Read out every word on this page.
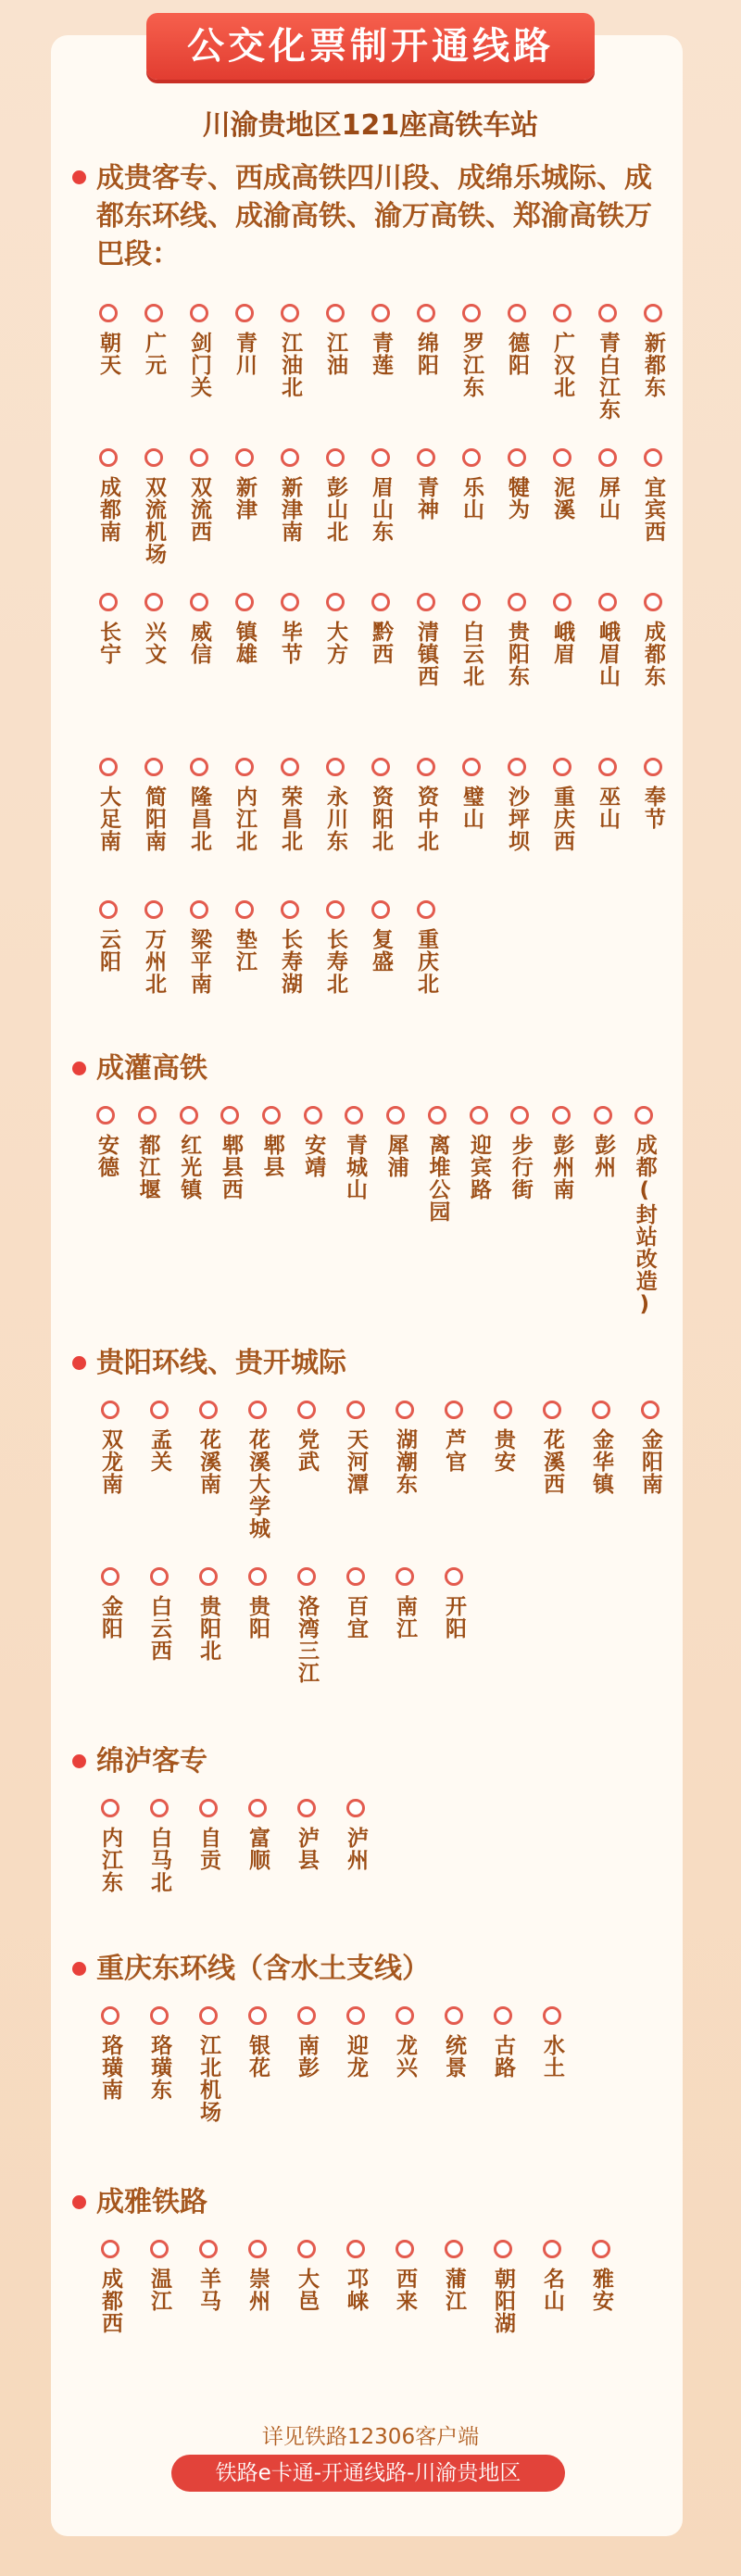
公交化票制开通线路
川渝贵地区121座高铁车站
成贵客专、西成高铁四川段、成绵乐城际、成都东环线、成渝高铁、渝万高铁、郑渝高铁万巴段：
朝天 广元 剑门关 青川 江油北 江油 青莲 绵阳 罗江东 德阳 广汉北 青白江东 新都东
成都南 双流机场 双流西 新津 新津南 彭山北 眉山东 青神 乐山 犍为 泥溪 屏山 宜宾西
长宁 兴文 威信 镇雄 毕节 大方 黔西 清镇西 白云北 贵阳东 峨眉 峨眉山 成都东
大足南 简阳南 隆昌北 内江北 荣昌北 永川东 资阳北 资中北 璧山 沙坪坝 重庆西 巫山 奉节
云阳 万州北 梁平南 垫江 长寿湖 长寿北 复盛 重庆北
成灌高铁
安德 都江堰 红光镇 郫县西 郫县 安靖 青城山 犀浦 离堆公园 迎宾路 步行街 彭州南 彭州 成都(封站改造)
贵阳环线、贵开城际
双龙南 孟关 花溪南 花溪大学城 党武 天河潭 湖潮东 芦官 贵安 花溪西 金华镇 金阳南
金阳 白云西 贵阳北 贵阳 洛湾三江 百宜 南江 开阳
绵泸客专
内江东 白马北 自贡 富顺 泸县 泸州
重庆东环线（含水土支线）
珞璜南 珞璜东 江北机场 银花 南彭 迎龙 龙兴 统景 古路 水土
成雅铁路
成都西 温江 羊马 崇州 大邑 邛崃 西来 蒲江 朝阳湖 名山 雅安
详见铁路12306客户端
铁路e卡通-开通线路-川渝贵地区
